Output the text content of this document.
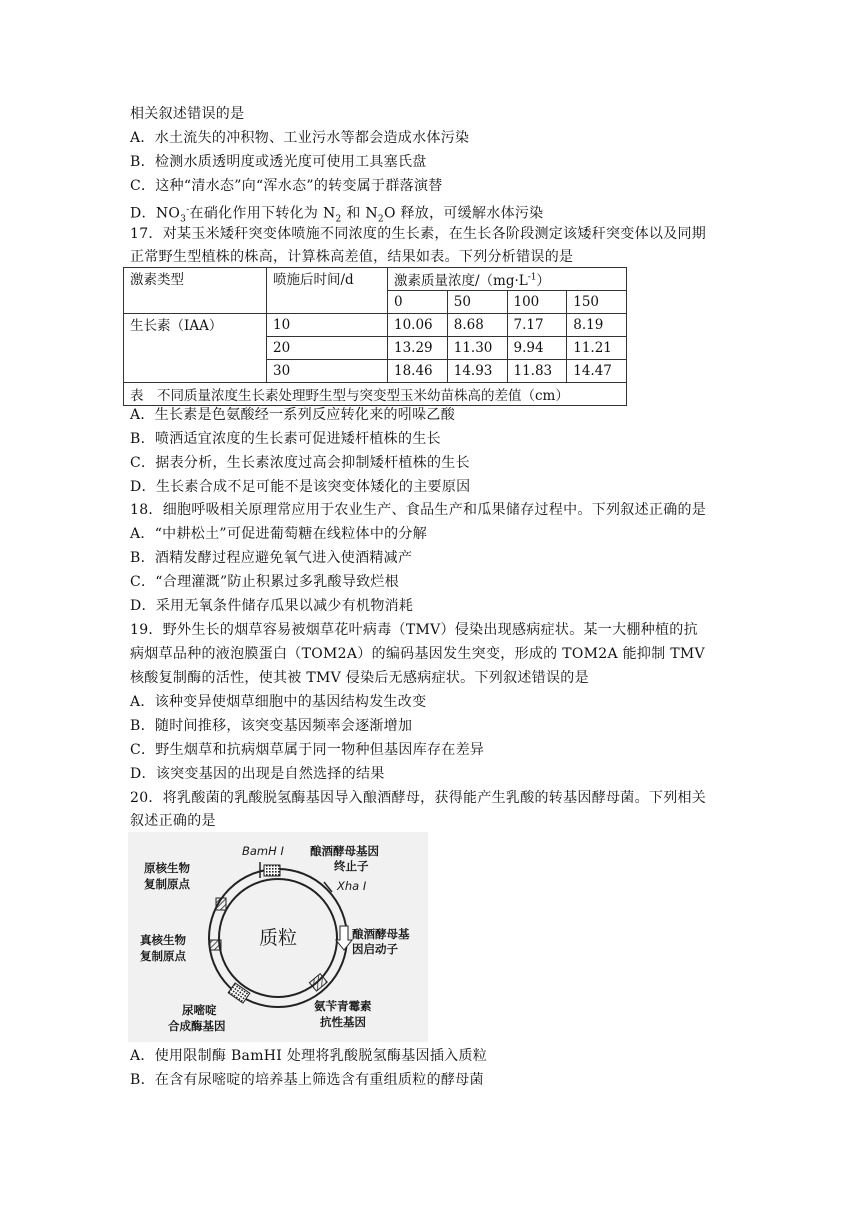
相关叙述错误的是
A．水土流失的冲积物、工业污水等都会造成水体污染
B．检测水质透明度或透光度可使用工具塞氏盘
C．这种“清水态”向“浑水态”的转变属于群落演替
D．$NO_3^-$在硝化作用下转化为 $N_2$ 和 $N_2O$ 释放，可缓解水体污染
17．对某玉米矮秆突变体喷施不同浓度的生长素，在生长各阶段测定该矮秆突变体以及同期
正常野生型植株的株高，计算株高差值，结果如表。下列分析错误的是
激素类型	喷施后时间/d	激素质量浓度$/(mg\cdot L^{-1})$			
		0	50	100	150
生长素（IAA）	10	10.06	8.68	7.17	8.19
	20	13.29	11.30	9.94	11.21
	30	18.46	14.93	11.83	14.47
表　不同质量浓度生长素处理野生型与突变型玉米幼苗株高的差值（cm）					
A．生长素是色氨酸经一系列反应转化来的吲哚乙酸
B．喷洒适宜浓度的生长素可促进矮杆植株的生长
C．据表分析，生长素浓度过高会抑制矮杆植株的生长
D．生长素合成不足可能不是该突变体矮化的主要原因
18．细胞呼吸相关原理常应用于农业生产、食品生产和瓜果储存过程中。下列叙述正确的是
A．“中耕松土”可促进葡萄糖在线粒体中的分解
B．酒精发酵过程应避免氧气进入使酒精减产
C．“合理灌溉”防止积累过多乳酸导致烂根
D．采用无氧条件储存瓜果以减少有机物消耗
19．野外生长的烟草容易被烟草花叶病毒（TMV）侵染出现感病症状。某一大棚种植的抗
病烟草品种的液泡膜蛋白（TOM2A）的编码基因发生突变，形成的 TOM2A 能抑制 TMV
核酸复制酶的活性，使其被 TMV 侵染后无感病症状。下列叙述错误的是
A．该种变异使烟草细胞中的基因结构发生改变
B．随时间推移，该突变基因频率会逐渐增加
C．野生烟草和抗病烟草属于同一物种但基因库存在差异
D．该突变基因的出现是自然选择的结果
20．将乳酸菌的乳酸脱氢酶基因导入酿酒酵母，获得能产生乳酸的转基因酵母菌。下列相关
叙述正确的是
质粒
BamH I 酿酒酵母基因
终止子
Xha I
酿酒酵母基
因启动子
氨苄青霉素
抗性基因
尿嘧啶
合成酶基因
真核生物
复制原点
原核生物
复制原点
A．使用限制酶 BamHI 处理将乳酸脱氢酶基因插入质粒
B．在含有尿嘧啶的培养基上筛选含有重组质粒的酵母菌
